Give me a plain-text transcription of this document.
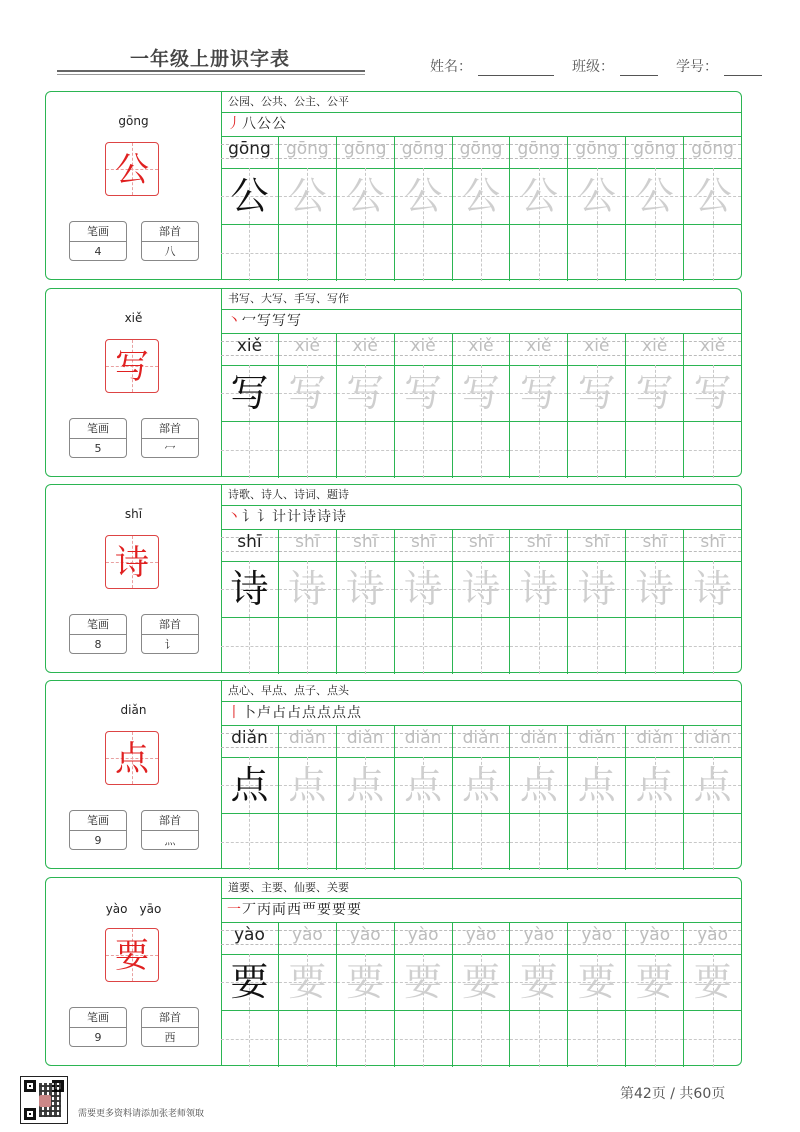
一年级上册识字表	姓名：	班级：	学号：
gōng
公
笔画
4
部首
八
公园、公共、公主、公平
丿八公公
gōng gōng gōng gōng gōng gōng gōng gōng gōng
公 公 公 公 公 公 公 公 公
xiě
写
笔画
5
部首
冖
书写、大写、手写、写作
丶冖写写写
xiě	xiě	xiě	xiě	xiě	xiě	xiě	xiě	xiě
写 写 写 写 写 写 写 写 写
shī
诗
笔画
8
部首
讠
诗歌、诗人、诗词、题诗
丶讠讠计计诗诗诗
shī	shī	shī	shī	shī	shī	shī	shī	shī
诗 诗 诗 诗 诗 诗 诗 诗 诗
diǎn
点
笔画
9
部首
灬
点心、早点、点子、点头
丨卜卢占占点点点点
diǎn	diǎn	diǎn	diǎn	diǎn	diǎn	diǎn	diǎn	diǎn
点 点 点 点 点 点 点 点 点
yào　yāo
要
笔画
9
部首
西
道要、主要、仙要、关要
一丆丙両西覀要要要
yào	yào	yào	yào	yào	yào	yào	yào	yào
要 要 要 要 要 要 要 要 要
需要更多资料请添加张老师领取
第42页 / 共60页
